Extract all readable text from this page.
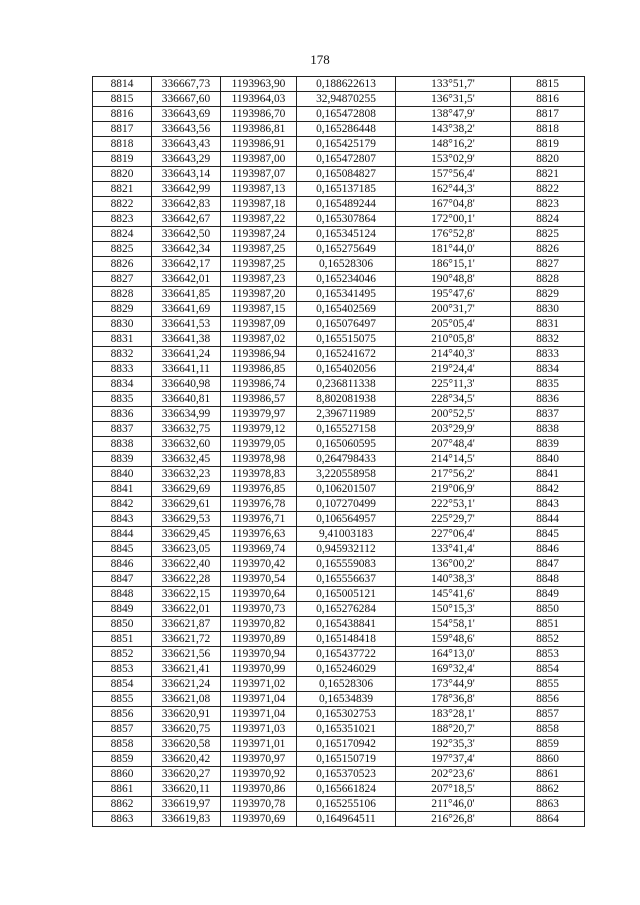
178
8814	336667,73	1193963,90	0,188622613	133°51,7'	8815
8815	336667,60	1193964,03	32,94870255	136°31,5'	8816
8816	336643,69	1193986,70	0,165472808	138°47,9'	8817
8817	336643,56	1193986,81	0,165286448	143°38,2'	8818
8818	336643,43	1193986,91	0,165425179	148°16,2'	8819
8819	336643,29	1193987,00	0,165472807	153°02,9'	8820
8820	336643,14	1193987,07	0,165084827	157°56,4'	8821
8821	336642,99	1193987,13	0,165137185	162°44,3'	8822
8822	336642,83	1193987,18	0,165489244	167°04,8'	8823
8823	336642,67	1193987,22	0,165307864	172°00,1'	8824
8824	336642,50	1193987,24	0,165345124	176°52,8'	8825
8825	336642,34	1193987,25	0,165275649	181°44,0'	8826
8826	336642,17	1193987,25	0,16528306	186°15,1'	8827
8827	336642,01	1193987,23	0,165234046	190°48,8'	8828
8828	336641,85	1193987,20	0,165341495	195°47,6'	8829
8829	336641,69	1193987,15	0,165402569	200°31,7'	8830
8830	336641,53	1193987,09	0,165076497	205°05,4'	8831
8831	336641,38	1193987,02	0,165515075	210°05,8'	8832
8832	336641,24	1193986,94	0,165241672	214°40,3'	8833
8833	336641,11	1193986,85	0,165402056	219°24,4'	8834
8834	336640,98	1193986,74	0,236811338	225°11,3'	8835
8835	336640,81	1193986,57	8,802081938	228°34,5'	8836
8836	336634,99	1193979,97	2,396711989	200°52,5'	8837
8837	336632,75	1193979,12	0,165527158	203°29,9'	8838
8838	336632,60	1193979,05	0,165060595	207°48,4'	8839
8839	336632,45	1193978,98	0,264798433	214°14,5'	8840
8840	336632,23	1193978,83	3,220558958	217°56,2'	8841
8841	336629,69	1193976,85	0,106201507	219°06,9'	8842
8842	336629,61	1193976,78	0,107270499	222°53,1'	8843
8843	336629,53	1193976,71	0,106564957	225°29,7'	8844
8844	336629,45	1193976,63	9,41003183	227°06,4'	8845
8845	336623,05	1193969,74	0,945932112	133°41,4'	8846
8846	336622,40	1193970,42	0,165559083	136°00,2'	8847
8847	336622,28	1193970,54	0,165556637	140°38,3'	8848
8848	336622,15	1193970,64	0,165005121	145°41,6'	8849
8849	336622,01	1193970,73	0,165276284	150°15,3'	8850
8850	336621,87	1193970,82	0,165438841	154°58,1'	8851
8851	336621,72	1193970,89	0,165148418	159°48,6'	8852
8852	336621,56	1193970,94	0,165437722	164°13,0'	8853
8853	336621,41	1193970,99	0,165246029	169°32,4'	8854
8854	336621,24	1193971,02	0,16528306	173°44,9'	8855
8855	336621,08	1193971,04	0,16534839	178°36,8'	8856
8856	336620,91	1193971,04	0,165302753	183°28,1'	8857
8857	336620,75	1193971,03	0,165351021	188°20,7'	8858
8858	336620,58	1193971,01	0,165170942	192°35,3'	8859
8859	336620,42	1193970,97	0,165150719	197°37,4'	8860
8860	336620,27	1193970,92	0,165370523	202°23,6'	8861
8861	336620,11	1193970,86	0,165661824	207°18,5'	8862
8862	336619,97	1193970,78	0,165255106	211°46,0'	8863
8863	336619,83	1193970,69	0,164964511	216°26,8'	8864
